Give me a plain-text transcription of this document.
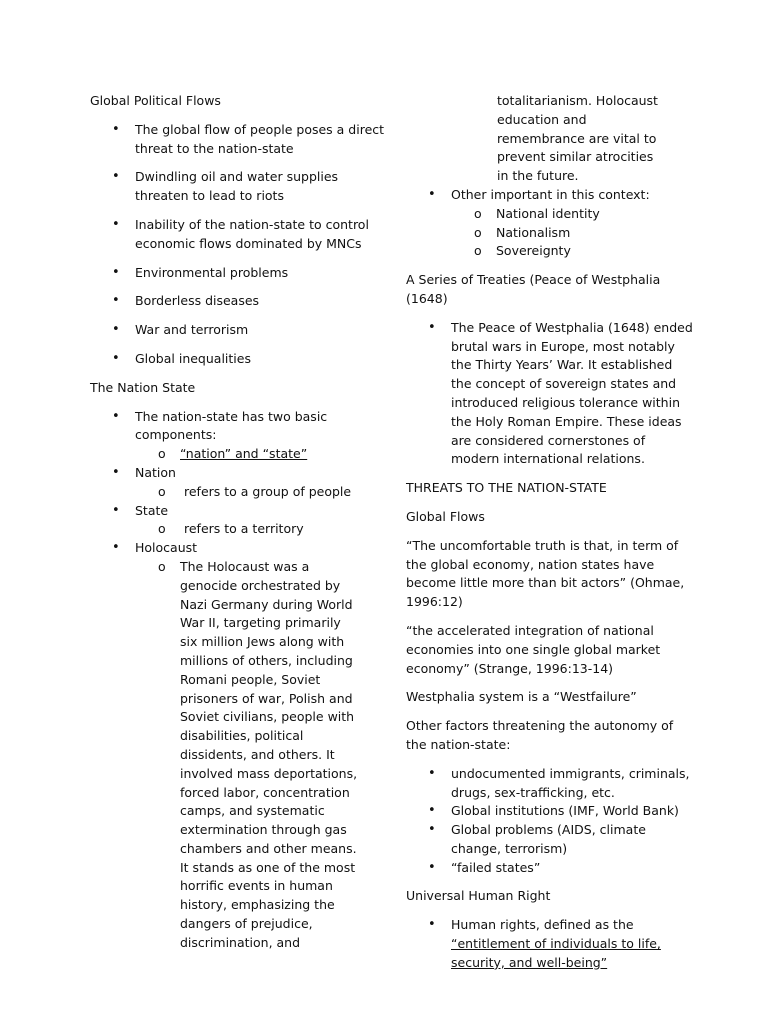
Global Political Flows

• The global flow of people poses a direct threat to the nation-state
• Dwindling oil and water supplies threaten to lead to riots
• Inability of the nation-state to control economic flows dominated by MNCs
• Environmental problems
• Borderless diseases
• War and terrorism
• Global inequalities

The Nation State

• The nation-state has two basic components:
o “nation” and “state”
• Nation
o refers to a group of people
• State
o refers to a territory
• Holocaust
o The Holocaust was a genocide orchestrated by Nazi Germany during World War II, targeting primarily six million Jews along with millions of others, including Romani people, Soviet prisoners of war, Polish and Soviet civilians, people with disabilities, political dissidents, and others. It involved mass deportations, forced labor, concentration camps, and systematic extermination through gas chambers and other means. It stands as one of the most horrific events in human history, emphasizing the dangers of prejudice, discrimination, and
totalitarianism. Holocaust education and remembrance are vital to prevent similar atrocities in the future.
• Other important in this context:
o National identity
o Nationalism
o Sovereignty

A Series of Treaties (Peace of Westphalia (1648)

• The Peace of Westphalia (1648) ended brutal wars in Europe, most notably the Thirty Years’ War. It established the concept of sovereign states and introduced religious tolerance within the Holy Roman Empire. These ideas are considered cornerstones of modern international relations.

THREATS TO THE NATION-STATE

Global Flows

“The uncomfortable truth is that, in term of the global economy, nation states have become little more than bit actors” (Ohmae, 1996:12)

“the accelerated integration of national economies into one single global market economy” (Strange, 1996:13-14)

Westphalia system is a “Westfailure”

Other factors threatening the autonomy of the nation-state:

• undocumented immigrants, criminals, drugs, sex-trafficking, etc.
• Global institutions (IMF, World Bank)
• Global problems (AIDS, climate change, terrorism)
• “failed states”

Universal Human Right

• Human rights, defined as the “entitlement of individuals to life, security, and well-being”
